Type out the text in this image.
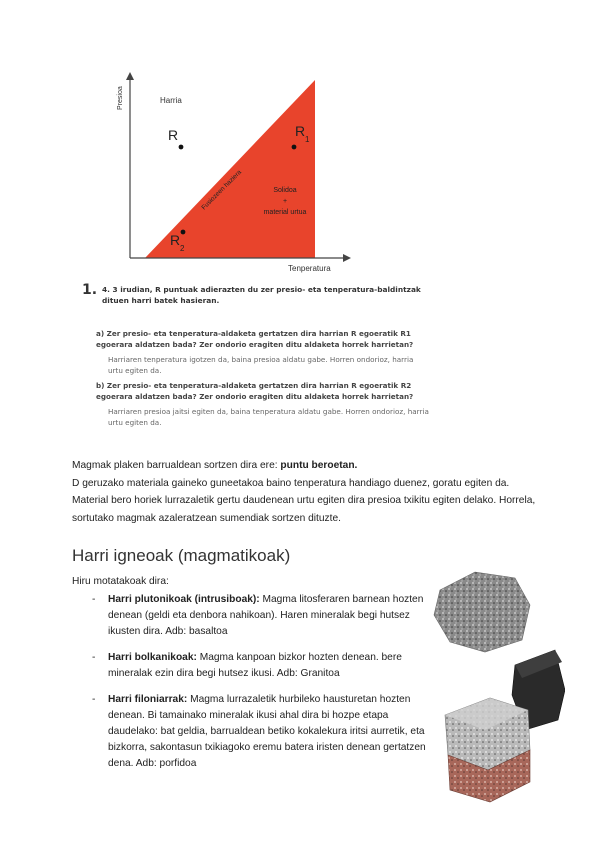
Presioa
Tenperatura
Harria
R	R
1
R
2
Fusiozeen haziera	Solidoa
+
material urtua
1. 4. 3 irudian, R puntuak adierazten du zer presio- eta tenperatura-baldintzak dituen harri batek hasieran.
a) Zer presio- eta tenperatura-aldaketa gertatzen dira harrian R egoeratik R1 egoerara aldatzen bada? Zer ondorio eragiten ditu aldaketa horrek harrietan?
Harriaren tenperatura igotzen da, baina presioa aldatu gabe. Horren ondorioz, harria urtu egiten da.
b) Zer presio- eta tenperatura-aldaketa gertatzen dira harrian R egoeratik R2 egoerara aldatzen bada? Zer ondorio eragiten ditu aldaketa horrek harrietan?
Harriaren presioa jaitsi egiten da, baina tenperatura aldatu gabe. Horren ondorioz, harria urtu egiten da.
Magmak plaken barrualdean sortzen dira ere: puntu beroetan.
D geruzako materiala gaineko guneetakoa baino tenperatura handiago duenez, goratu egiten da. Material bero horiek lurrazaletik gertu daudenean urtu egiten dira presioa txikitu egiten delako. Horrela, sortutako magmak azaleratzean sumendiak sortzen dituzte.
Harri igneoak (magmatikoak)
Hiru motatakoak dira:
- Harri plutonikoak (intrusiboak): Magma litosferaren barnean hozten denean (geldi eta denbora nahikoan). Haren mineralak begi hutsez ikusten dira. Adb: basaltoa
- Harri bolkanikoak: Magma kanpoan bizkor hozten denean. bere mineralak ezin dira begi hutsez ikusi. Adb: Granitoa
- Harri filoniarrak: Magma lurrazaletik hurbileko hausturetan hozten denean. Bi tamainako mineralak ikusi ahal dira bi hozpe etapa daudelako: bat geldia, barrualdean betiko kokalekura iritsi aurretik, eta bizkorra, sakontasun txikiagoko eremu batera iristen denean gertatzen dena. Adb: porfidoa
